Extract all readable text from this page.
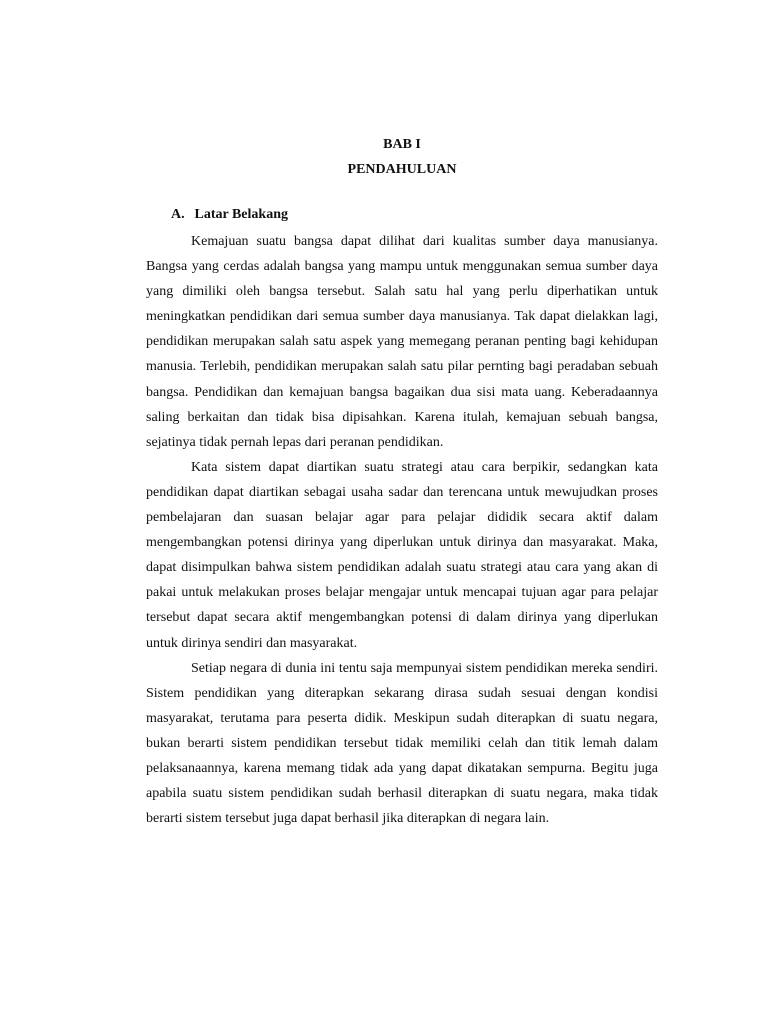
BAB I
PENDAHULUAN
A. Latar Belakang

Kemajuan suatu bangsa dapat dilihat dari kualitas sumber daya manusianya. Bangsa yang cerdas adalah bangsa yang mampu untuk menggunakan semua sumber daya yang dimiliki oleh bangsa tersebut. Salah satu hal yang perlu diperhatikan untuk meningkatkan pendidikan dari semua sumber daya manusianya. Tak dapat dielakkan lagi, pendidikan merupakan salah satu aspek yang memegang peranan penting bagi kehidupan manusia. Terlebih, pendidikan merupakan salah satu pilar pernting bagi peradaban sebuah bangsa. Pendidikan dan kemajuan bangsa bagaikan dua sisi mata uang. Keberadaannya saling berkaitan dan tidak bisa dipisahkan. Karena itulah, kemajuan sebuah bangsa, sejatinya tidak pernah lepas dari peranan pendidikan.

Kata sistem dapat diartikan suatu strategi atau cara berpikir, sedangkan kata pendidikan dapat diartikan sebagai usaha sadar dan terencana untuk mewujudkan proses pembelajaran dan suasan belajar agar para pelajar dididik secara aktif dalam mengembangkan potensi dirinya yang diperlukan untuk dirinya dan masyarakat. Maka, dapat disimpulkan bahwa sistem pendidikan adalah suatu strategi atau cara yang akan di pakai untuk melakukan proses belajar mengajar untuk mencapai tujuan agar para pelajar tersebut dapat secara aktif mengembangkan potensi di dalam dirinya yang diperlukan untuk dirinya sendiri dan masyarakat.

Setiap negara di dunia ini tentu saja mempunyai sistem pendidikan mereka sendiri. Sistem pendidikan yang diterapkan sekarang dirasa sudah sesuai dengan kondisi masyarakat, terutama para peserta didik. Meskipun sudah diterapkan di suatu negara, bukan berarti sistem pendidikan tersebut tidak memiliki celah dan titik lemah dalam pelaksanaannya, karena memang tidak ada yang dapat dikatakan sempurna. Begitu juga apabila suatu sistem pendidikan sudah berhasil diterapkan di suatu negara, maka tidak berarti sistem tersebut juga dapat berhasil jika diterapkan di negara lain.
